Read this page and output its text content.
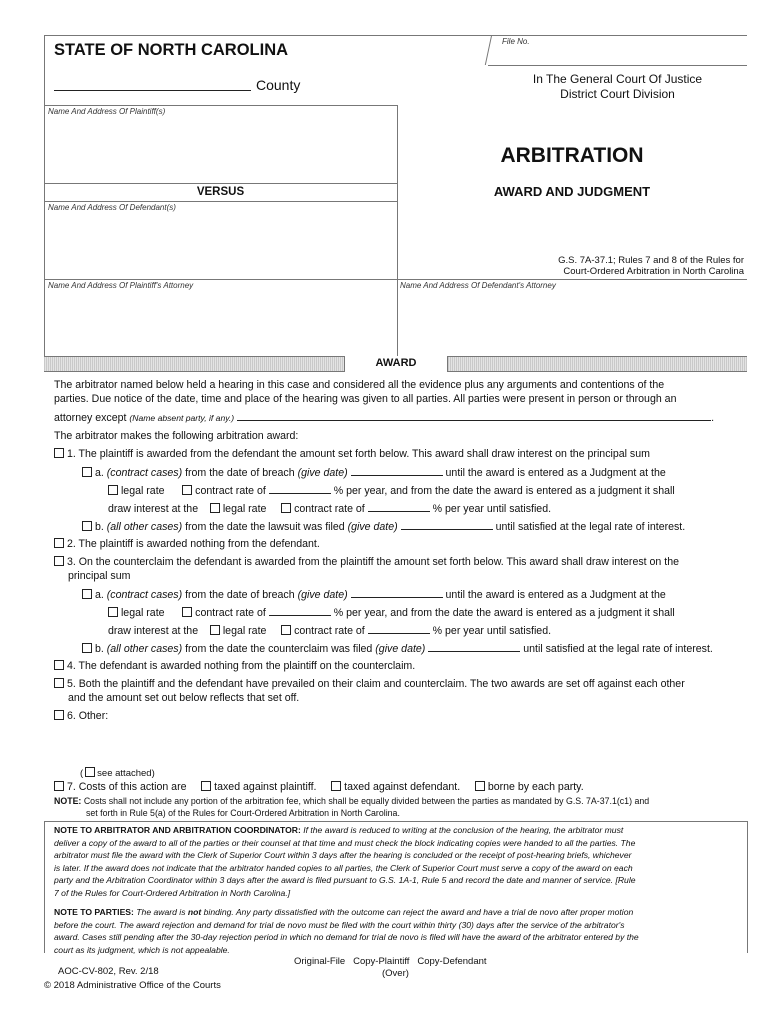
STATE OF NORTH CAROLINA
County
File No.
In The General Court Of Justice
District Court Division
Name And Address Of Plaintiff(s)
VERSUS
Name And Address Of Defendant(s)
Name And Address Of Plaintiff's Attorney	Name And Address Of Defendant's Attorney
ARBITRATION
AWARD AND JUDGMENT
G.S. 7A-37.1; Rules 7 and 8 of the Rules for
Court-Ordered Arbitration in North Carolina
AWARD
The arbitrator named below held a hearing in this case and considered all the evidence plus any arguments and contentions of the
parties. Due notice of the date, time and place of the hearing was given to all parties. All parties were present in person or through an
attorney except (Name absent party, if any.)	.
The arbitrator makes the following arbitration award:
1. The plaintiff is awarded from the defendant the amount set forth below. This award shall draw interest on the principal sum
a. (contract cases) from the date of breach (give date)	until the award is entered as a Judgment at the
legal rate	contract rate of	% per year, and from the date the award is entered as a judgment it shall
draw interest at the legal rate	contract rate of	% per year until satisfied.
b. (all other cases) from the date the lawsuit was filed (give date)	until satisfied at the legal rate of interest.
2. The plaintiff is awarded nothing from the defendant.
3. On the counterclaim the defendant is awarded from the plaintiff the amount set forth below. This award shall draw interest on the
principal sum
a. (contract cases) from the date of breach (give date)	until the award is entered as a Judgment at the
legal rate	contract rate of	% per year, and from the date the award is entered as a judgment it shall
draw interest at the legal rate	contract rate of	% per year until satisfied.
b. (all other cases) from the date the counterclaim was filed (give date)	until satisfied at the legal rate of interest.
4. The defendant is awarded nothing from the plaintiff on the counterclaim.
5. Both the plaintiff and the defendant have prevailed on their claim and counterclaim. The two awards are set off against each other
and the amount set out below reflects that set off.
6. Other:
( see attached)
7. Costs of this action are	taxed against plaintiff.	taxed against defendant.	borne by each party.
NOTE: Costs shall not include any portion of the arbitration fee, which shall be equally divided between the parties as mandated by G.S. 7A-37.1(c1) and
set forth in Rule 5(a) of the Rules for Court-Ordered Arbitration in North Carolina.
NOTE TO ARBITRATOR AND ARBITRATION COORDINATOR: If the award is reduced to writing at the conclusion of the hearing, the arbitrator must
deliver a copy of the award to all of the parties or their counsel at that time and must check the block indicating copies were handed to all the parties. The
arbitrator must file the award with the Clerk of Superior Court within 3 days after the hearing is concluded or the receipt of post-hearing briefs, whichever
is later. If the award does not indicate that the arbitrator handed copies to all parties, the Clerk of Superior Court must serve a copy of the award on each
party and the Arbitration Coordinator within 3 days after the award is filed pursuant to G.S. 1A-1, Rule 5 and record the date and manner of service. [Rule
7 of the Rules for Court-Ordered Arbitration in North Carolina.]
NOTE TO PARTIES: The award is not binding. Any party dissatisfied with the outcome can reject the award and have a trial de novo after proper motion
before the court. The award rejection and demand for trial de novo must be filed with the court within thirty (30) days after the service of the arbitrator's
award. Cases still pending after the 30-day rejection period in which no demand for trial de novo is filed will have the award of the arbitrator entered by the
court as its judgment, which is not appealable.
AOC-CV-802, Rev. 2/18
© 2018 Administrative Office of the Courts
Original-File   Copy-Plaintiff   Copy-Defendant
(Over)
